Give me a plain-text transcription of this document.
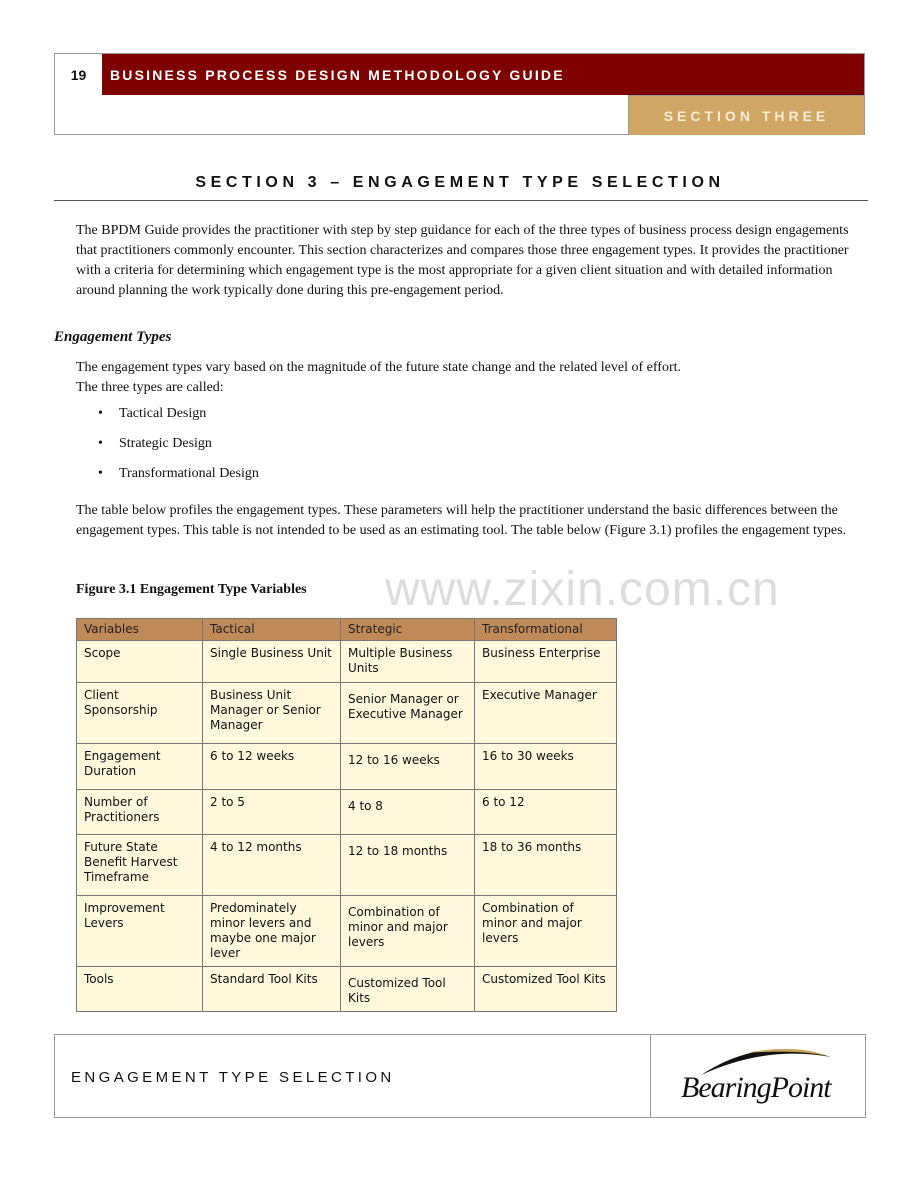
19	BUSINESS PROCESS DESIGN METHODOLOGY GUIDE
SECTION THREE
SECTION 3 – ENGAGEMENT TYPE SELECTION
The BPDM Guide provides the practitioner with step by step guidance for each of the three types of business process design engagements that practitioners commonly encounter. This section characterizes and compares those three engagement types. It provides the practitioner with a criteria for determining which engagement type is the most appropriate for a given client situation and with detailed information around planning the work typically done during this pre-engagement period.
Engagement Types
The engagement types vary based on the magnitude of the future state change and the related level of effort.
The three types are called:
• Tactical Design
• Strategic Design
• Transformational Design
The table below profiles the engagement types. These parameters will help the practitioner understand the basic differences between the engagement types. This table is not intended to be used as an estimating tool. The table below (Figure 3.1) profiles the engagement types.
www.zixin.com.cn
Figure 3.1 Engagement Type Variables
Variables	Tactical	Strategic	Transformational
Scope	Single Business Unit	Multiple Business Units	Business Enterprise
Client Sponsorship	Business Unit Manager or Senior Manager	Senior Manager or Executive Manager	Executive Manager
Engagement Duration	6 to 12 weeks	12 to 16 weeks	16 to 30 weeks
Number of Practitioners	2 to 5	4 to 8	6 to 12
Future State Benefit Harvest Timeframe	4 to 12 months	12 to 18 months	18 to 36 months
Improvement Levers	Predominately minor levers and maybe one major lever	Combination of minor and major levers	Combination of minor and major levers
Tools	Standard Tool Kits	Customized Tool Kits	Customized Tool Kits
ENGAGEMENT TYPE SELECTION	BearingPoint
